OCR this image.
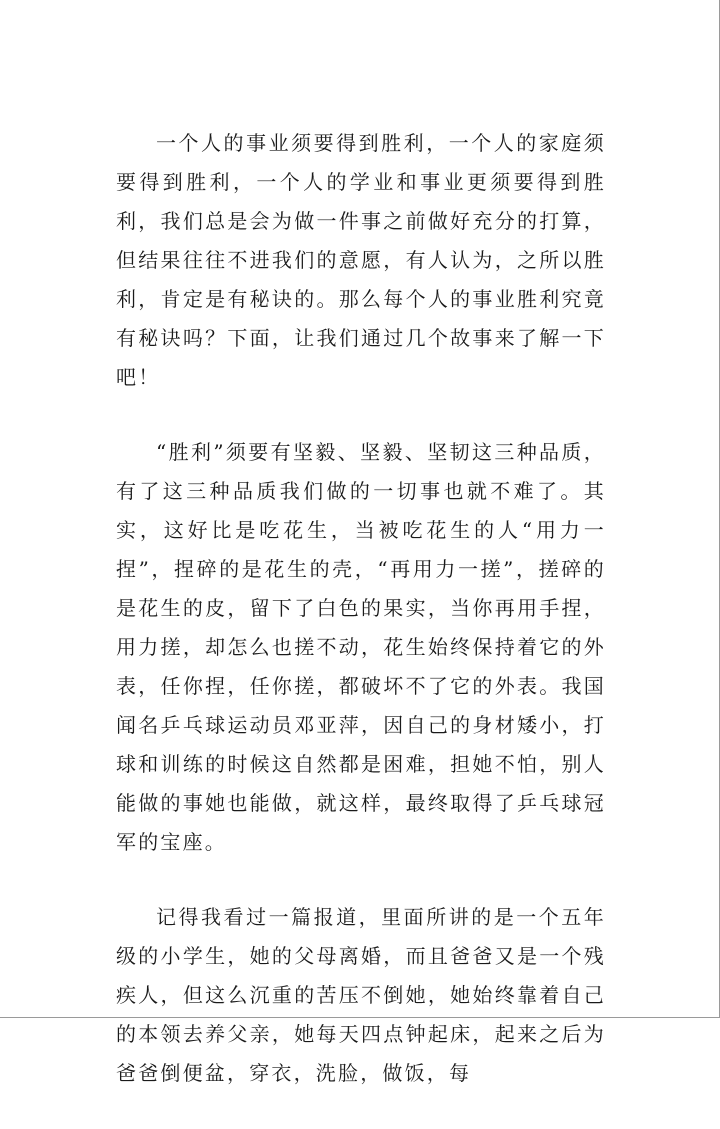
一个人的事业须要得到胜利，一个人的家庭须要得到胜利，一个人的学业和事业更须要得到胜利，我们总是会为做一件事之前做好充分的打算，但结果往往不进我们的意愿，有人认为，之所以胜利，肯定是有秘诀的。那么每个人的事业胜利究竟有秘诀吗？下面，让我们通过几个故事来了解一下吧！

“胜利”须要有坚毅、坚毅、坚韧这三种品质，有了这三种品质我们做的一切事也就不难了。其实，这好比是吃花生，当被吃花生的人“用力一捏”，捏碎的是花生的壳，“再用力一搓”，搓碎的是花生的皮，留下了白色的果实，当你再用手捏，用力搓，却怎么也搓不动，花生始终保持着它的外表，任你捏，任你搓，都破坏不了它的外表。我国闻名乒乓球运动员邓亚萍，因自己的身材矮小，打球和训练的时候这自然都是困难，担她不怕，别人能做的事她也能做，就这样，最终取得了乒乓球冠军的宝座。

记得我看过一篇报道，里面所讲的是一个五年级的小学生，她的父母离婚，而且爸爸又是一个残疾人，但这么沉重的苦压不倒她，她始终靠着自己的本领去养父亲，她每天四点钟起床，起来之后为爸爸倒便盆，穿衣，洗脸，做饭，每
